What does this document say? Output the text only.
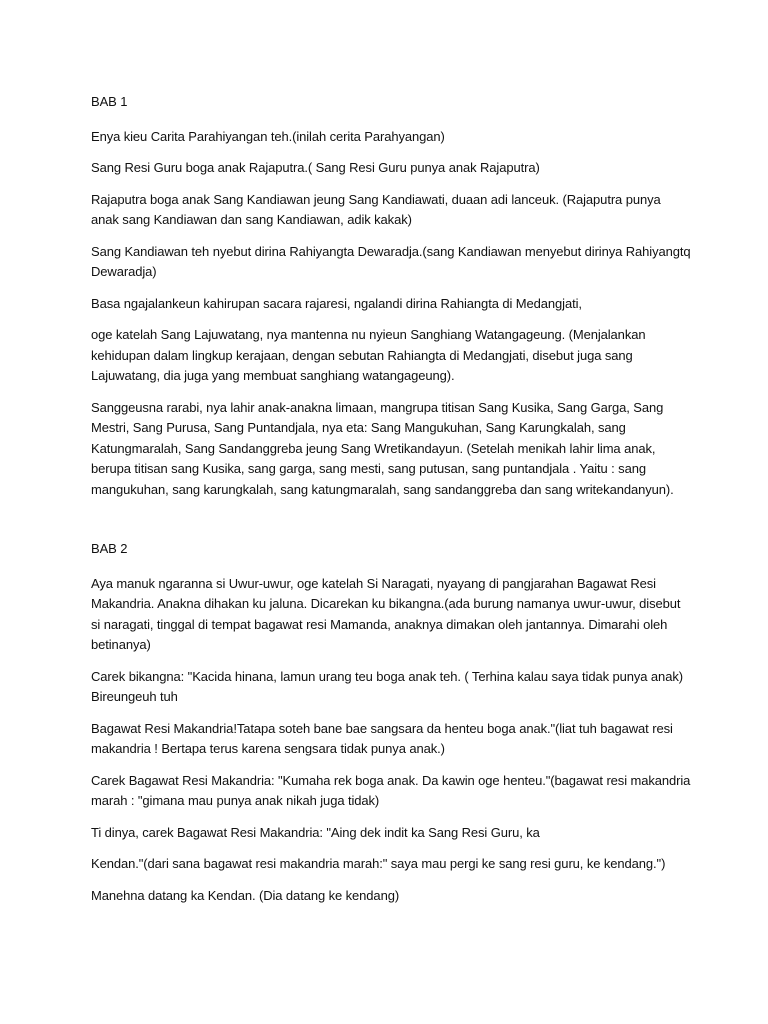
BAB 1

Enya kieu Carita Parahiyangan teh.(inilah cerita Parahyangan)

Sang Resi Guru boga anak Rajaputra.( Sang Resi Guru punya anak Rajaputra)

Rajaputra boga anak Sang Kandiawan jeung Sang Kandiawati, duaan adi lanceuk. (Rajaputra punya anak sang Kandiawan dan sang Kandiawan, adik kakak)

Sang Kandiawan teh nyebut dirina Rahiyangta Dewaradja.(sang Kandiawan menyebut dirinya Rahiyangtq Dewaradja)

Basa ngajalankeun kahirupan sacara rajaresi, ngalandi dirina Rahiangta di Medangjati,

oge katelah Sang Lajuwatang, nya mantenna nu nyieun Sanghiang Watangageung. (Menjalankan kehidupan dalam lingkup kerajaan, dengan sebutan Rahiangta di Medangjati, disebut juga sang Lajuwatang, dia juga yang membuat sanghiang watangageung).

Sanggeusna rarabi, nya lahir anak-anakna limaan, mangrupa titisan Sang Kusika, Sang Garga, Sang Mestri, Sang Purusa, Sang Puntandjala, nya eta: Sang Mangukuhan, Sang Karungkalah, sang Katungmaralah, Sang Sandanggreba jeung Sang Wretikandayun. (Setelah menikah lahir lima anak, berupa titisan sang Kusika, sang garga, sang mesti, sang putusan, sang puntandjala . Yaitu : sang mangukuhan, sang karungkalah, sang katungmaralah, sang sandanggreba dan sang writekandanyun).

BAB 2

Aya manuk ngaranna si Uwur-uwur, oge katelah Si Naragati, nyayang di pangjarahan Bagawat Resi Makandria. Anakna dihakan ku jaluna. Dicarekan ku bikangna.(ada burung namanya uwur-uwur, disebut si naragati, tinggal di tempat bagawat resi Mamanda, anaknya dimakan oleh jantannya. Dimarahi oleh betinanya)

Carek bikangna: "Kacida hinana, lamun urang teu boga anak teh. ( Terhina kalau saya tidak punya anak) Bireungeuh tuh

Bagawat Resi Makandria!Tatapa soteh bane bae sangsara da henteu boga anak."(liat tuh bagawat resi makandria ! Bertapa terus karena sengsara tidak punya anak.)

Carek Bagawat Resi Makandria: "Kumaha rek boga anak. Da kawin oge henteu."(bagawat resi makandria marah : "gimana mau punya anak nikah juga tidak)

Ti dinya, carek Bagawat Resi Makandria: "Aing dek indit ka Sang Resi Guru, ka

Kendan."(dari sana bagawat resi makandria marah:" saya mau pergi ke sang resi guru, ke kendang.")

Manehna datang ka Kendan. (Dia datang ke kendang)
